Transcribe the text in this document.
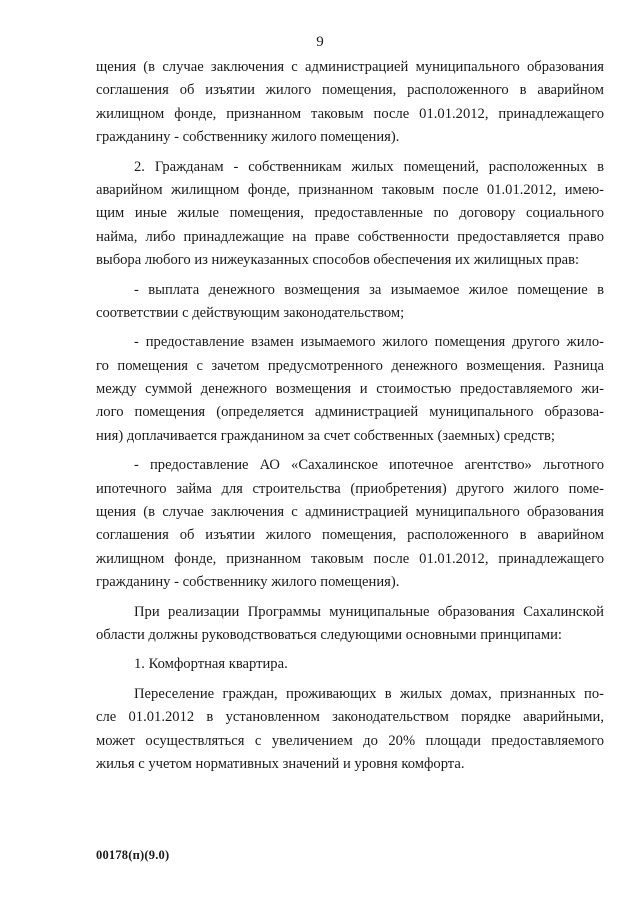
9
щения (в случае заключения с администрацией муниципального образования
соглашения об изъятии жилого помещения, расположенного в аварийном
жилищном фонде, признанном таковым после 01.01.2012, принадлежащего
гражданину - собственнику жилого помещения).
2. Гражданам - собственникам жилых помещений, расположенных в
аварийном жилищном фонде, признанном таковым после 01.01.2012, имею-
щим иные жилые помещения, предоставленные по договору социального
найма, либо принадлежащие на праве собственности предоставляется право
выбора любого из нижеуказанных способов обеспечения их жилищных прав:
- выплата денежного возмещения за изымаемое жилое помещение в
соответствии с действующим законодательством;
- предоставление взамен изымаемого жилого помещения другого жило-
го помещения с зачетом предусмотренного денежного возмещения. Разница
между суммой денежного возмещения и стоимостью предоставляемого жи-
лого помещения (определяется администрацией муниципального образова-
ния) доплачивается гражданином за счет собственных (заемных) средств;
- предоставление АО «Сахалинское ипотечное агентство» льготного
ипотечного займа для строительства (приобретения) другого жилого поме-
щения (в случае заключения с администрацией муниципального образования
соглашения об изъятии жилого помещения, расположенного в аварийном
жилищном фонде, признанном таковым после 01.01.2012, принадлежащего
гражданину - собственнику жилого помещения).
При реализации Программы муниципальные образования Сахалинской
области должны руководствоваться следующими основными принципами:
1. Комфортная квартира.
Переселение граждан, проживающих в жилых домах, признанных по-
сле 01.01.2012 в установленном законодательством порядке аварийными,
может осуществляться с увеличением до 20% площади предоставляемого
жилья с учетом нормативных значений и уровня комфорта.
00178(п)(9.0)
